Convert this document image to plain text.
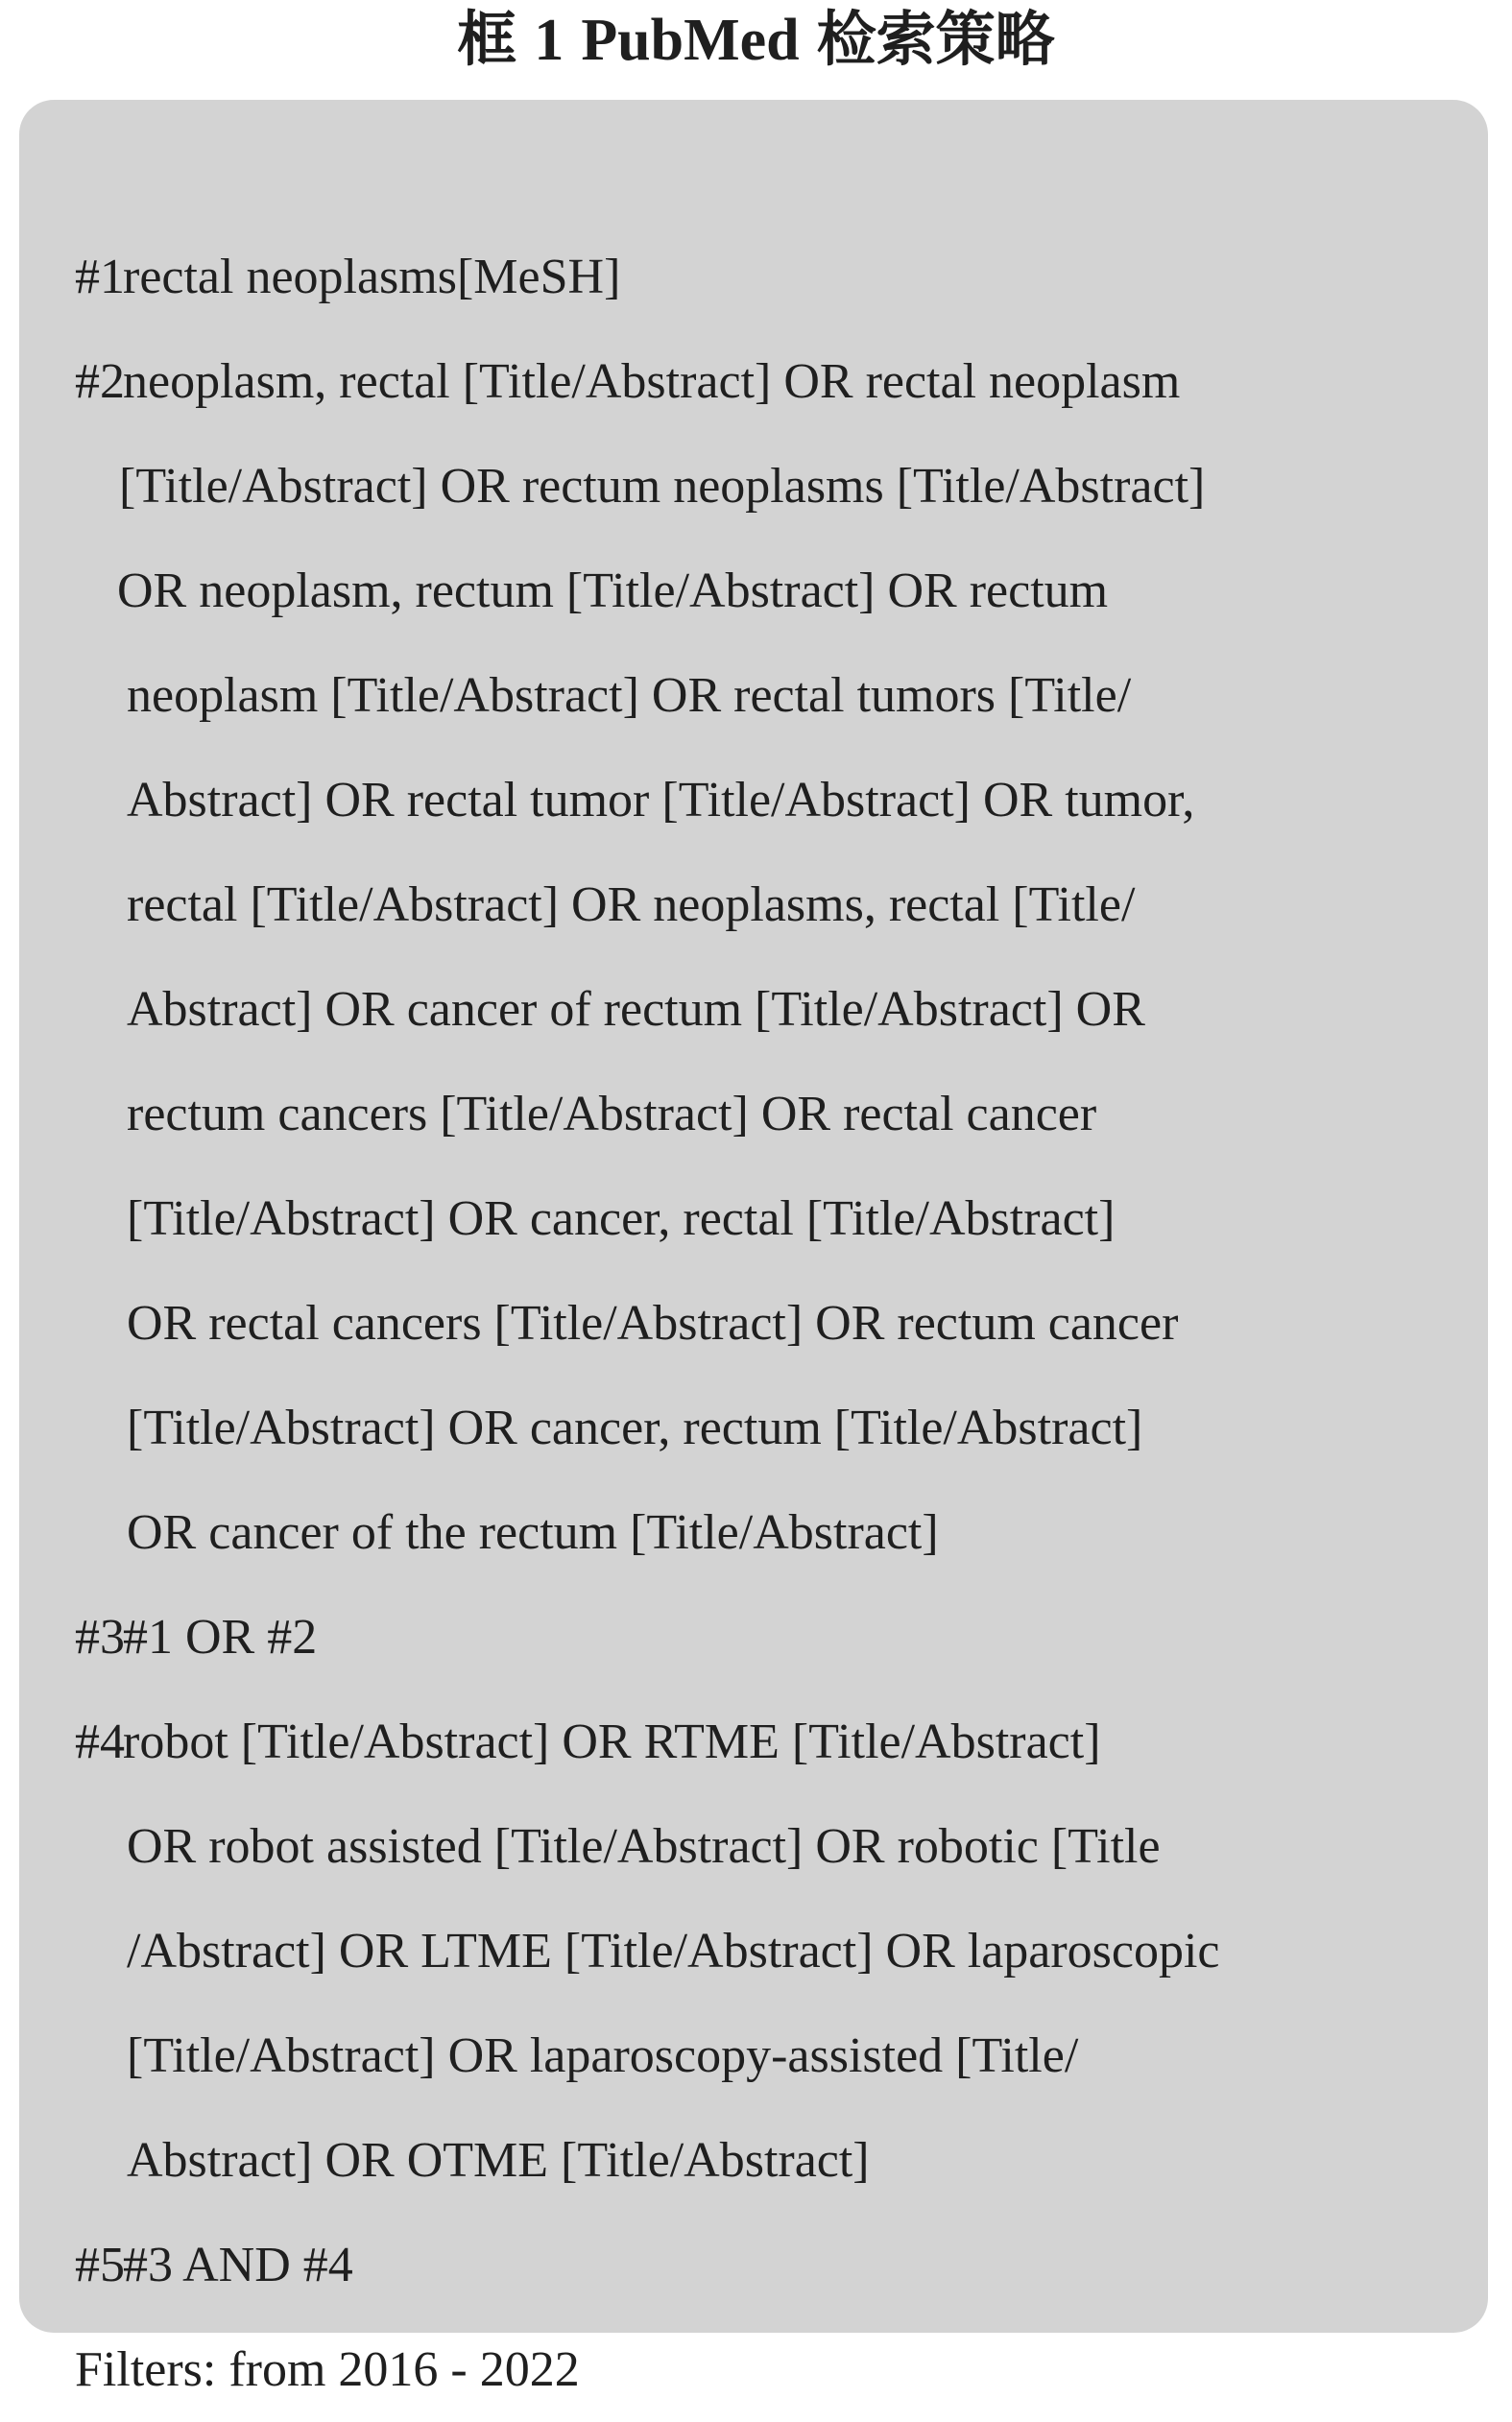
框 1 PubMed 检索策略
#1
rectal neoplasms[MeSH]
#2
neoplasm, rectal [Title/Abstract] OR rectal neoplasm
[Title/Abstract] OR rectum neoplasms [Title/Abstract]
OR neoplasm, rectum [Title/Abstract] OR rectum
neoplasm [Title/Abstract] OR rectal tumors [Title/
Abstract] OR rectal tumor [Title/Abstract] OR tumor,
rectal [Title/Abstract] OR neoplasms, rectal [Title/
Abstract] OR cancer of rectum [Title/Abstract] OR
rectum cancers [Title/Abstract] OR rectal cancer
[Title/Abstract] OR cancer, rectal [Title/Abstract]
OR rectal cancers [Title/Abstract] OR rectum cancer
[Title/Abstract] OR cancer, rectum [Title/Abstract]
OR cancer of the rectum [Title/Abstract]
#3
#1 OR #2
#4
robot [Title/Abstract] OR RTME [Title/Abstract]
OR robot assisted [Title/Abstract] OR robotic [Title
/Abstract] OR LTME [Title/Abstract] OR laparoscopic
[Title/Abstract] OR laparoscopy-assisted [Title/
Abstract] OR OTME [Title/Abstract]
#5
#3 AND #4
Filters: from 2016 - 2022
